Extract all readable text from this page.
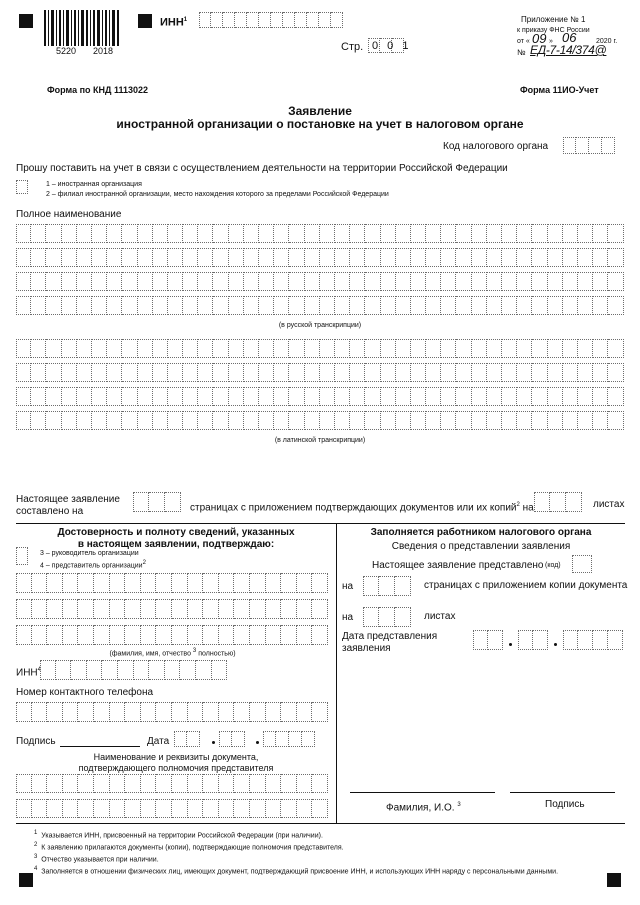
5220 2018
ИНН$^1$
Стр. 0 0 1
Приложение № 1
к приказу ФНС России
от « 09 » 06	2020 г.
№ ЕД-7-14/374@
Форма по КНД 1113022	Форма 11ИО-Учет
Заявление
иностранной организации о постановке на учет в налоговом органе
Код налогового органа
Прошу поставить на учет в связи с осуществлением деятельности на территории Российской Федерации
1 – иностранная организация
2 – филиал иностранной организации, место нахождения которого за пределами Российской Федерации
Полное наименование
(в русской транскрипции)
(в латинской транскрипции)
Настоящее заявление
составлено на	страницах с приложением подтверждающих документов или их копий$^2$ на	листах
Достоверность и полноту сведений, указанных
в настоящем заявлении, подтверждаю:
3 – руководитель организации
4 – представитель организации2
(фамилия, имя, отчество 3 полностью)
ИНН$^4$
Номер контактного телефона
Подпись	Дата
Наименование и реквизиты документа,
подтверждающего полномочия представителя
Заполняется работником налогового органа
Сведения о представлении заявления
Настоящее заявление представлено (код)
на	страницах с приложением копии документа
на	листах
Дата представления
заявления
Фамилия, И.О. $^3$	Подпись
1 Указывается ИНН, присвоенный на территории Российской Федерации (при наличии).
2 К заявлению прилагаются документы (копии), подтверждающие полномочия представителя.
3 Отчество указывается при наличии.
4 Заполняется в отношении физических лиц, имеющих документ, подтверждающий присвоение ИНН, и использующих ИНН наряду с персональными данными.
